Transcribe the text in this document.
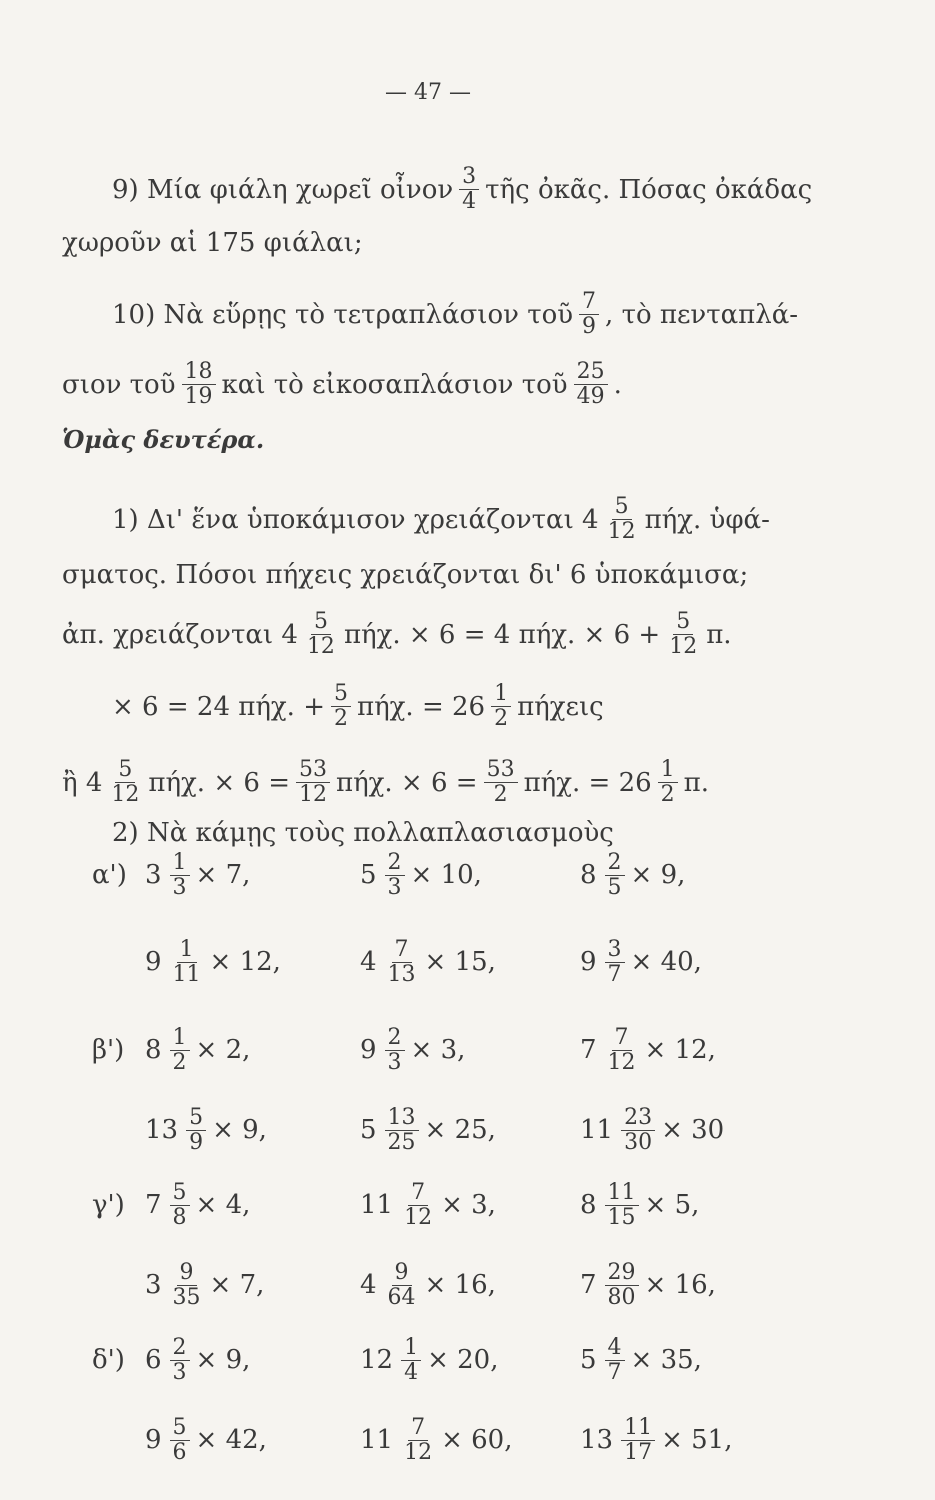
— 47 —
9) Μία φιάλη χωρεῖ οἶνον 3
4 τῆς ὀκᾶς. Πόσας ὀκάδας
χωροῦν αἱ 175 φιάλαι;
10) Νὰ εὕρῃς τὸ τετραπλάσιον τοῦ 7
9 , τὸ πενταπλά-
σιον τοῦ 18
19 καὶ τὸ εἰκοσαπλάσιον τοῦ 25
49 .
Ὁμὰς δευτέρα.
1) Δι' ἕνα ὑποκάμισον χρειάζονται 4 5
12 πήχ. ὑφά-
σματος. Πόσοι πήχεις χρειάζονται δι' 6 ὑποκάμισα;
ἀπ. χρειάζονται 4 5
12 πήχ. × 6 = 4 πήχ. × $6 + \frac{5}{12} \pi$.
× 6 = 24 πήχ. + $\frac{5}{2} \pi ή\chi$. = 26 1
2 πήχεις
ἢ 4 5
12 πήχ. × $6 = \frac{53}{12} \pi ή\chi$. × $6 = \frac{53}{2} \pi ή\chi$. = 26 1
2 π.
2) Νὰ κάμῃς τοὺς πολλαπλασιασμοὺς
α') $3 \frac{1}{3} \times 7$,	$5 \frac{2}{3} \times 10$,	$8 \frac{2}{5} \times 9$,
$9 \frac{1}{11} \times 12$,	$4 \frac{7}{13} \times 15$,	$9 \frac{3}{7} \times 40$,
β') $8 \frac{1}{2} \times 2$,	$9 \frac{2}{3} \times 3$,	$7 \frac{7}{12} \times 12$,
$13 \frac{5}{9} \times 9$,	$5 \frac{13}{25} \times 25$,	$11 \frac{23}{30} \times 30$
γ') $7 \frac{5}{8} \times 4$,	$11 \frac{7}{12} \times 3$,	$8 \frac{11}{15} \times 5$,
$3 \frac{9}{35} \times 7$,	$4 \frac{9}{64} \times 16$,	$7 \frac{29}{80} \times 16$,
δ') $6 \frac{2}{3} \times 9$,	$12 \frac{1}{4} \times 20$,	$5 \frac{4}{7} \times 35$,
$9 \frac{5}{6} \times 42$,	$11 \frac{7}{12} \times 60$,	$13 \frac{11}{17} \times 51$,
